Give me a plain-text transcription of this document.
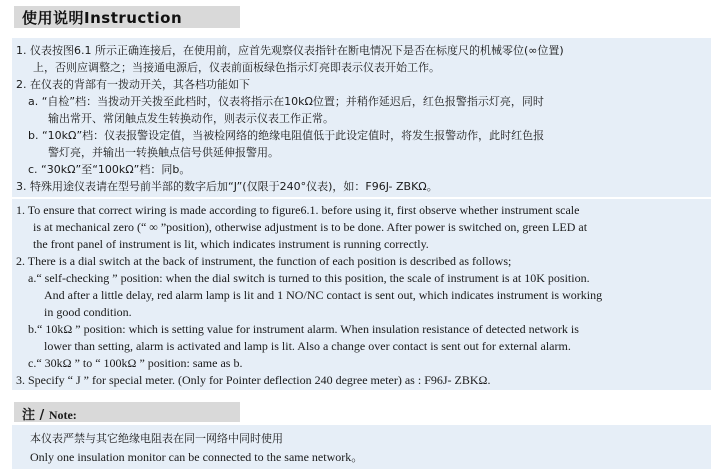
使用说明Instruction
1. 仪表按图6.1 所示正确连接后，在使用前，应首先观察仪表指针在断电情况下是否在标度尺的机械零位(∞位置)
上，否则应调整之；当接通电源后，仪表前面板绿色指示灯亮即表示仪表开始工作。
2. 在仪表的背部有一拨动开关，其各档功能如下
a. “自检”档：当拨动开关拨至此档时，仪表将指示在10kΩ位置；并稍作延迟后，红色报警指示灯亮，同时
输出常开、常闭触点发生转换动作，则表示仪表工作正常。
b. “10kΩ”档：仪表报警设定值，当被检网络的绝缘电阻值低于此设定值时，将发生报警动作，此时红色报
警灯亮，并输出一转换触点信号供延伸报警用。
c. “30kΩ”至“100kΩ”档：同b。
3. 特殊用途仪表请在型号前半部的数字后加“J”(仅限于240°仪表)，如：F96J- ZBKΩ。
1. To ensure that correct wiring is made according to figure6.1. before using it, first observe whether instrument scale
is at mechanical zero (“ ∞ ”position), otherwise adjustment is to be done. After power is switched on, green LED at
the front panel of instrument is lit, which indicates instrument is running correctly.
2. There is a dial switch at the back of instrument, the function of each position is described as follows;
a.“ self-checking ” position: when the dial switch is turned to this position, the scale of instrument is at 10K position.
And after a little delay, red alarm lamp is lit and 1 NO/NC contact is sent out, which indicates instrument is working
in good condition.
b.“ 10kΩ ” position: which is setting value for instrument alarm. When insulation resistance of detected network is
lower than setting, alarm is activated and lamp is lit. Also a change over contact is sent out for external alarm.
c.“ 30kΩ ” to “ 100kΩ ” position: same as b.
3. Specify “ J ” for special meter. (Only for Pointer deflection 240 degree meter) as : F96J- ZBKΩ.
注 / Note:
本仪表严禁与其它绝缘电阻表在同一网络中同时使用
Only one insulation monitor can be connected to the same network。
